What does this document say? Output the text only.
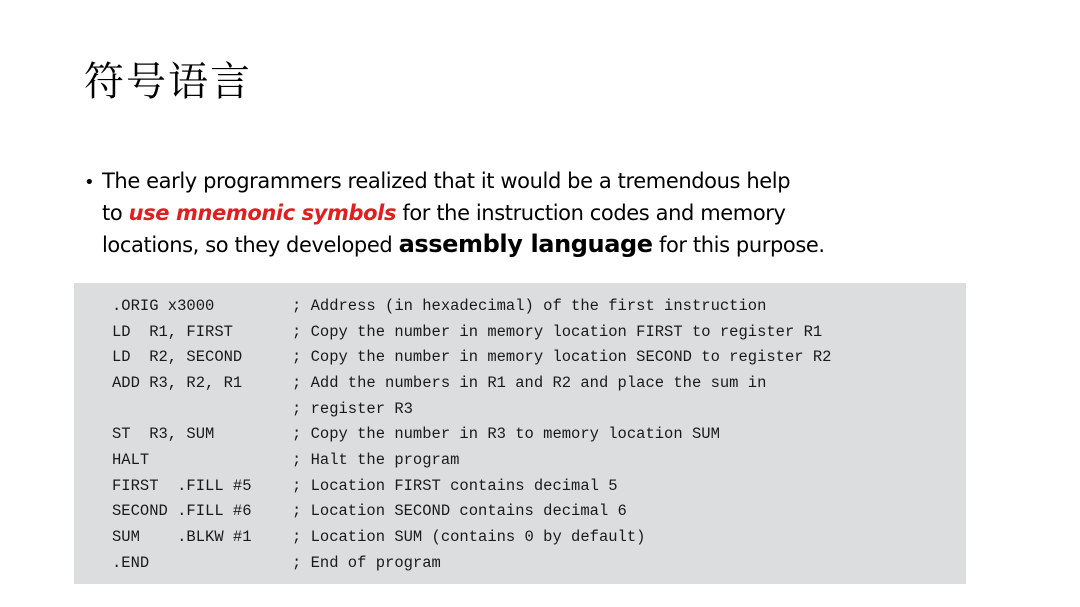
符号语言
• The early programmers realized that it would be a tremendous help
to use mnemonic symbols for the instruction codes and memory
locations, so they developed assembly language for this purpose.
.ORIG x3000	; Address (in hexadecimal) of the first instruction
LD  R1, FIRST	; Copy the number in memory location FIRST to register R1
LD  R2, SECOND	; Copy the number in memory location SECOND to register R2
ADD R3, R2, R1	; Add the numbers in R1 and R2 and place the sum in
; register R3
ST  R3, SUM	; Copy the number in R3 to memory location SUM
HALT	; Halt the program
FIRST  .FILL #5	; Location FIRST contains decimal 5
SECOND .FILL #6	; Location SECOND contains decimal 6
SUM    .BLKW #1	; Location SUM (contains 0 by default)
.END	; End of program
